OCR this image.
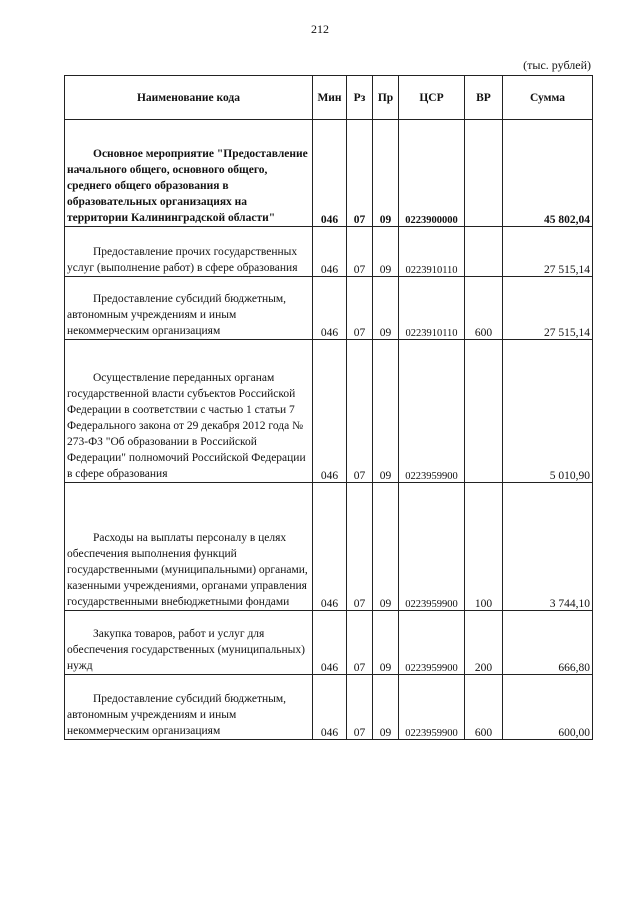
212
(тыс. рублей)
Наименование кода	Мин	Рз	Пр	ЦСР	ВР	Сумма

Основное мероприятие "Предоставление начального общего, основного общего, среднего общего образования в образовательных организациях на территории Калининградской области"	046	07	09	0223900000		45 802,04

Предоставление прочих государственных услуг (выполнение работ) в сфере образования	046	07	09	0223910110		27 515,14

Предоставление субсидий бюджетным, автономным учреждениям и иным некоммерческим организациям	046	07	09	0223910110	600	27 515,14

Осуществление переданных органам государственной власти субъектов Российской Федерации в соответствии с частью 1 статьи 7 Федерального закона от 29 декабря 2012 года № 273-ФЗ "Об образовании в Российской Федерации" полномочий Российской Федерации в сфере образования	046	07	09	0223959900		5 010,90

Расходы на выплаты персоналу в целях обеспечения выполнения функций государственными (муниципальными) органами, казенными учреждениями, органами управления государственными внебюджетными фондами	046	07	09	0223959900	100	3 744,10

Закупка товаров, работ и услуг для обеспечения государственных (муниципальных) нужд	046	07	09	0223959900	200	666,80

Предоставление субсидий бюджетным, автономным учреждениям и иным некоммерческим организациям	046	07	09	0223959900	600	600,00
